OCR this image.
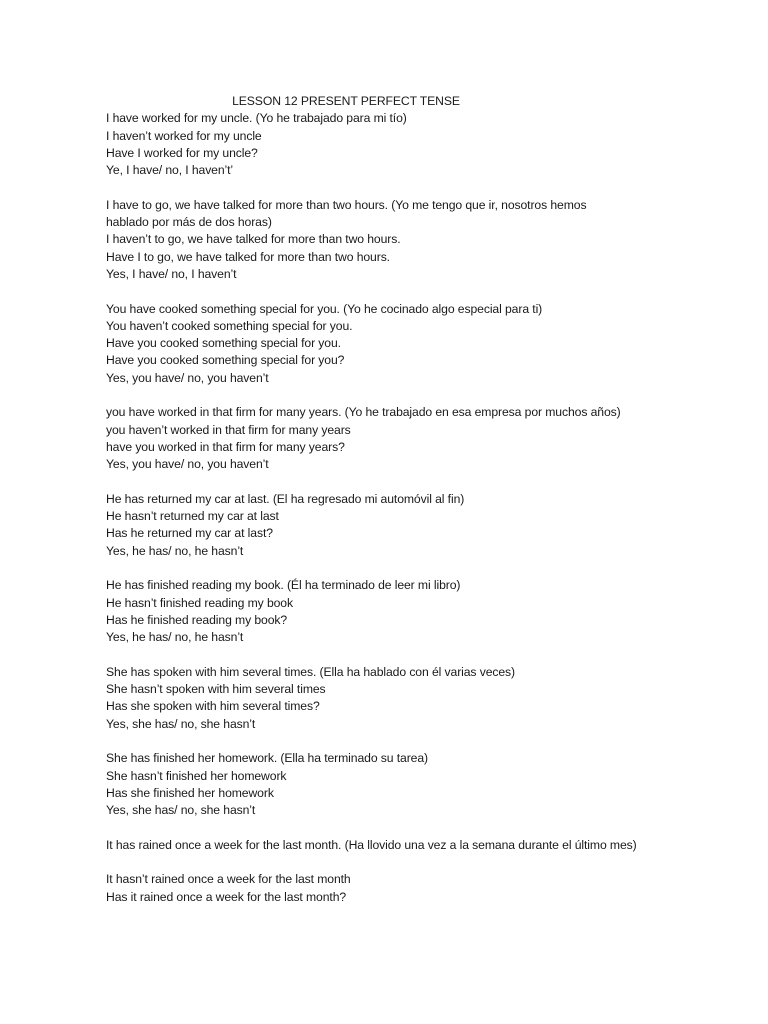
LESSON 12 PRESENT PERFECT TENSE

I have worked for my uncle. (Yo he trabajado para mi tío)

I haven’t worked for my uncle

Have I worked for my uncle?

Ye, I have/ no, I haven’t’

I have to go, we have talked for more than two hours. (Yo me tengo que ir, nosotros hemos hablado por más de dos horas)

I haven’t to go, we have talked for more than two hours.

Have I to go, we have talked for more than two hours.

Yes, I have/ no, I haven’t

You have cooked something special for you. (Yo he cocinado algo especial para ti)

You haven’t cooked something special for you.

Have you cooked something special for you.

Have you cooked something special for you?

Yes, you have/ no, you haven’t

you have worked in that firm for many years. (Yo he trabajado en esa empresa por muchos años)

you haven’t worked in that firm for many years

have you worked in that firm for many years?

Yes, you have/ no, you haven’t

He has returned my car at last. (El ha regresado mi automóvil al fin)

He hasn’t returned my car at last

Has he returned my car at last?

Yes, he has/ no, he hasn’t

He has finished reading my book. (Él ha terminado de leer mi libro)

He hasn’t finished reading my book

Has he finished reading my book?

Yes, he has/ no, he hasn’t

She has spoken with him several times. (Ella ha hablado con él varias veces)

She hasn’t spoken with him several times

Has she spoken with him several times?

Yes, she has/ no, she hasn’t

She has finished her homework. (Ella ha terminado su tarea)

She hasn’t finished her homework

Has she finished her homework

Yes, she has/ no, she hasn’t

It has rained once a week for the last month. (Ha llovido una vez a la semana durante el último mes)

It hasn’t rained once a week for the last month

Has it rained once a week for the last month?
